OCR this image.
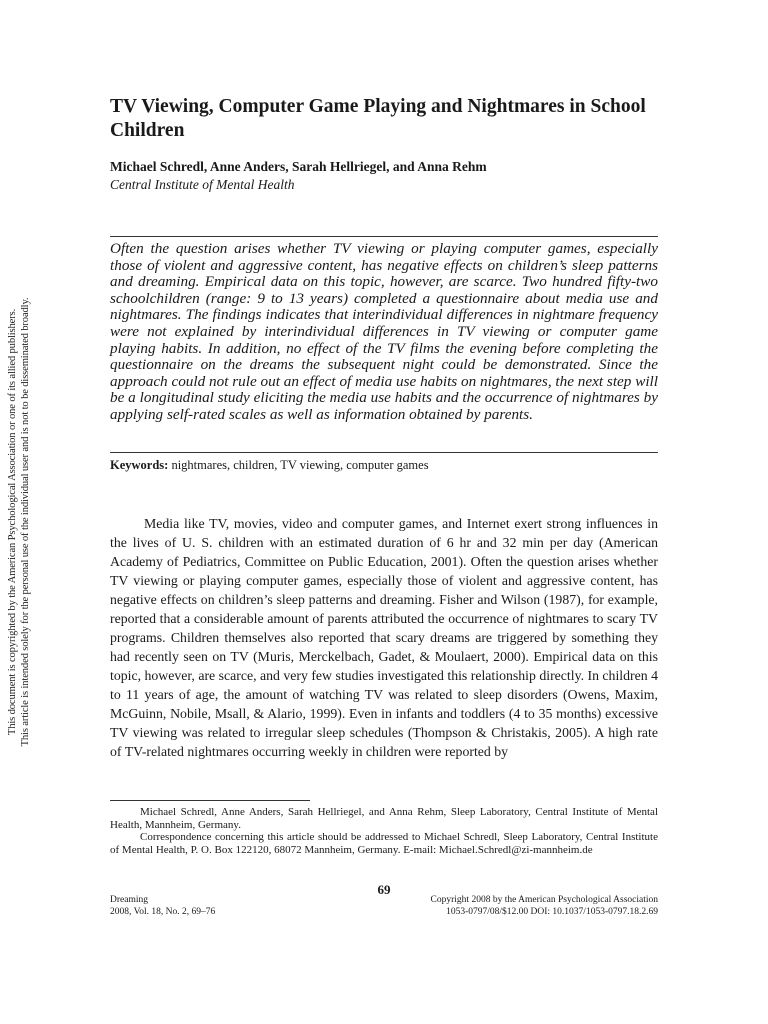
This document is copyrighted by the American Psychological Association or one of its allied publishers. This article is intended solely for the personal use of the individual user and is not to be disseminated broadly.
TV Viewing, Computer Game Playing and Nightmares in School Children
Michael Schredl, Anne Anders, Sarah Hellriegel, and Anna Rehm
Central Institute of Mental Health

Often the question arises whether TV viewing or playing computer games, especially those of violent and aggressive content, has negative effects on children’s sleep patterns and dreaming. Empirical data on this topic, however, are scarce. Two hundred fifty-two schoolchildren (range: 9 to 13 years) completed a questionnaire about media use and nightmares. The findings indicates that interindividual differences in nightmare frequency were not explained by interindividual differences in TV viewing or computer game playing habits. In addition, no effect of the TV films the evening before completing the questionnaire on the dreams the subsequent night could be demonstrated. Since the approach could not rule out an effect of media use habits on nightmares, the next step will be a longitudinal study eliciting the media use habits and the occurrence of nightmares by applying self-rated scales as well as information obtained by parents.

Keywords: nightmares, children, TV viewing, computer games

Media like TV, movies, video and computer games, and Internet exert strong influences in the lives of U. S. children with an estimated duration of 6 hr and 32 min per day (American Academy of Pediatrics, Committee on Public Education, 2001). Often the question arises whether TV viewing or playing computer games, especially those of violent and aggressive content, has negative effects on children’s sleep patterns and dreaming. Fisher and Wilson (1987), for example, reported that a considerable amount of parents attributed the occurrence of nightmares to scary TV programs. Children themselves also reported that scary dreams are triggered by something they had recently seen on TV (Muris, Merckelbach, Gadet, & Moulaert, 2000). Empirical data on this topic, however, are scarce, and very few studies investigated this relationship directly. In children 4 to 11 years of age, the amount of watching TV was related to sleep disorders (Owens, Maxim, McGuinn, Nobile, Msall, & Alario, 1999). Even in infants and toddlers (4 to 35 months) excessive TV viewing was related to irregular sleep schedules (Thompson & Christakis, 2005). A high rate of TV-related nightmares occurring weekly in children were reported by

Michael Schredl, Anne Anders, Sarah Hellriegel, and Anna Rehm, Sleep Laboratory, Central Institute of Mental Health, Mannheim, Germany.

Correspondence concerning this article should be addressed to Michael Schredl, Sleep Laboratory, Central Institute of Mental Health, P. O. Box 122120, 68072 Mannheim, Germany. E-mail: Michael.Schredl@zi-mannheim.de

69
Dreaming
2008, Vol. 18, No. 2, 69–76
Copyright 2008 by the American Psychological Association
1053-0797/08/$12.00 DOI: 10.1037/1053-0797.18.2.69
